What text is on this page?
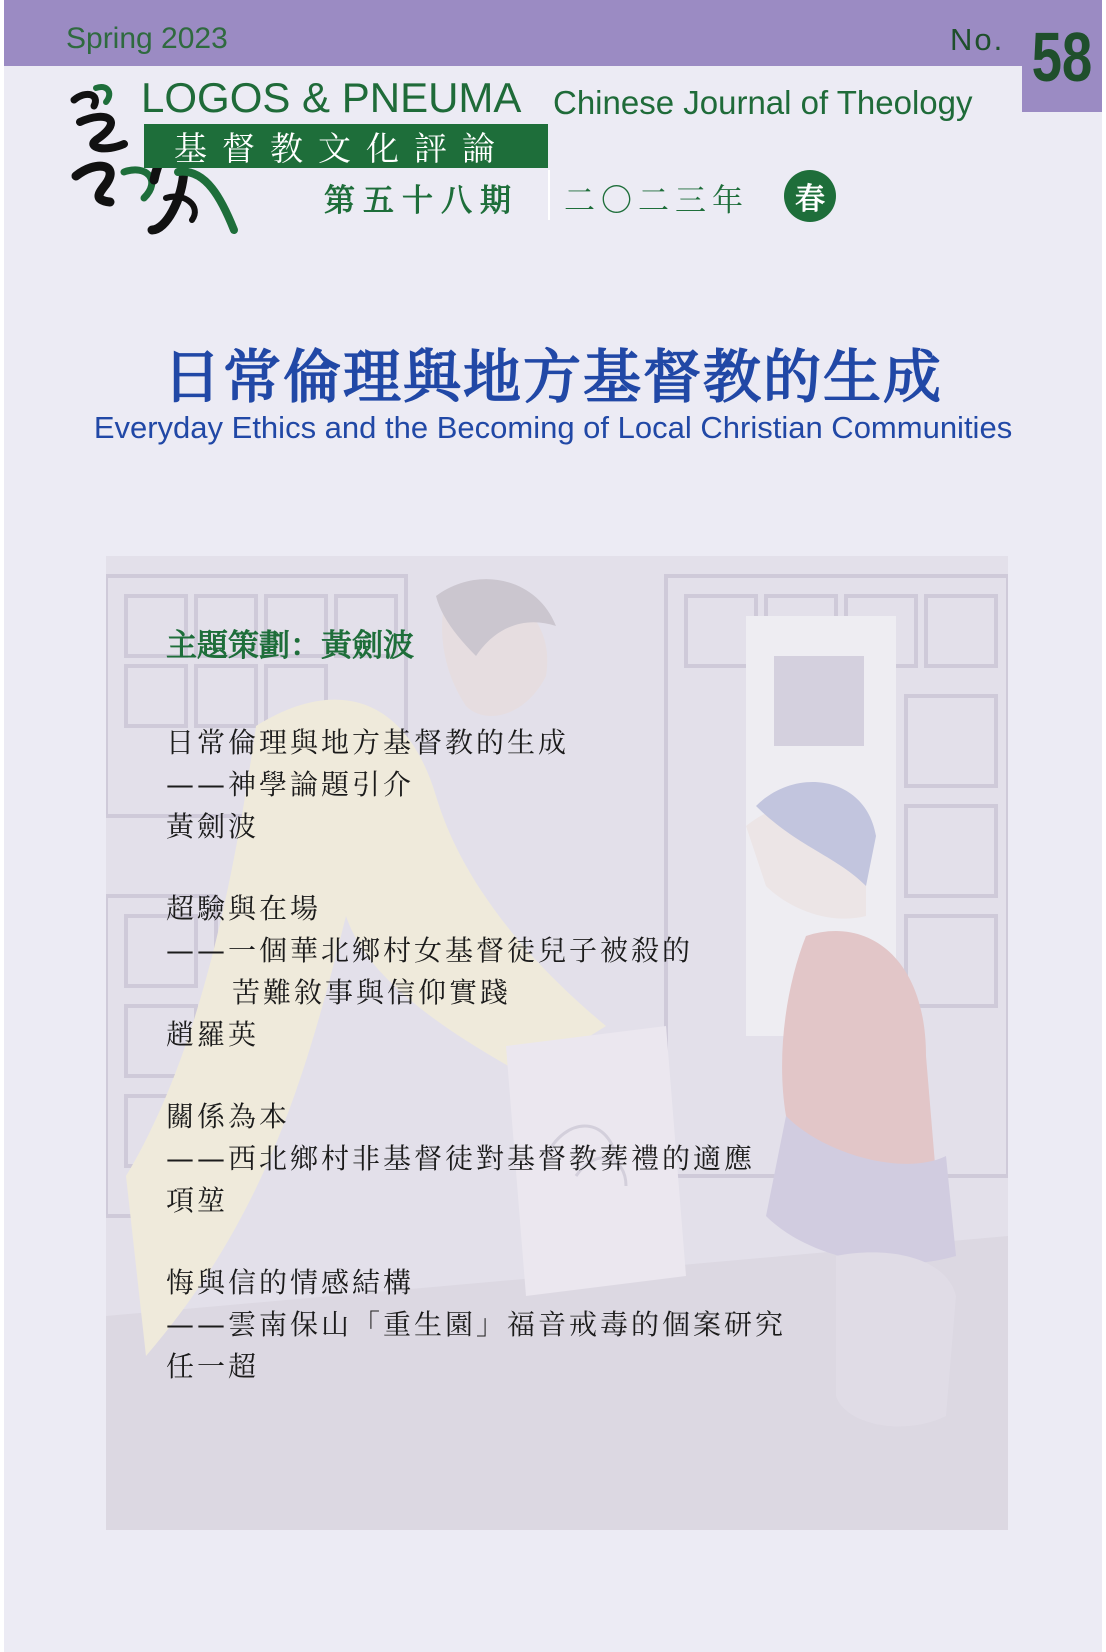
Spring 2023	No. 58
LOGOS & PNEUMA Chinese Journal of Theology
基督教文化評論
第五十八期 二〇二三年	春
日常倫理與地方基督教的生成
Everyday Ethics and the Becoming of Local Christian Communities
主題策劃：黃劍波
日常倫理與地方基督教的生成
——神學論題引介
黃劍波
超驗與在場
——一個華北鄉村女基督徒兒子被殺的
苦難敘事與信仰實踐
趙羅英
關係為本
——西北鄉村非基督徒對基督教葬禮的適應
項堃
悔與信的情感結構
——雲南保山「重生園」福音戒毒的個案研究
任一超
